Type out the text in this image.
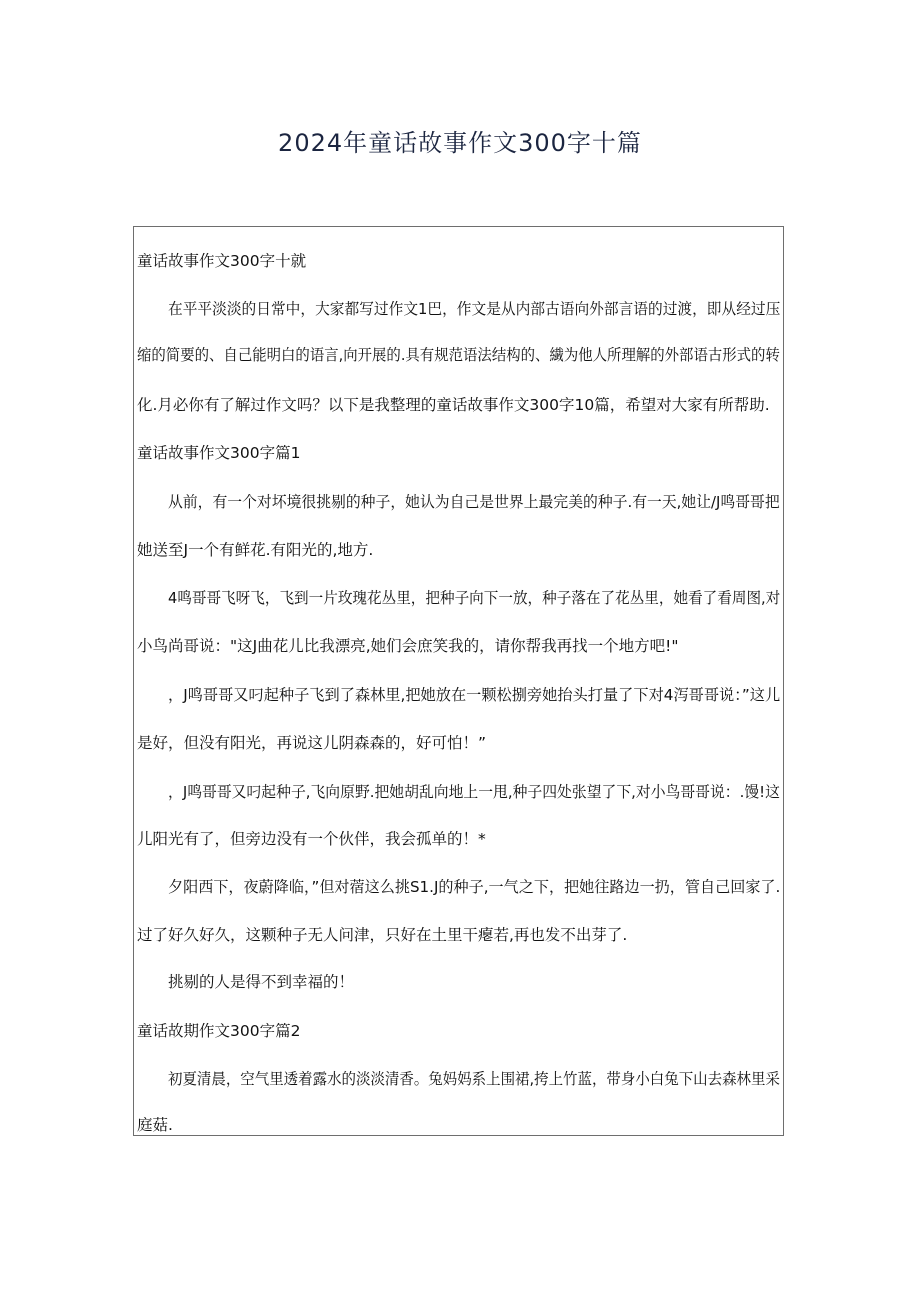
2024年童话故事作文300字十篇
童话故事作文300字十就
在平平淡淡的日常中，大家都写过作文1巴，作文是从内部古语向外部言语的过渡，即从经过压
缩的简要的、自己能明白的语言,向开展的.具有规范语法结构的、繊为他人所理解的外部语古形式的转
化.月必你有了解过作文吗？以下是我整理的童话故事作文300字10篇，希望对大家有所帮助.
童话故事作文300字篇1
从前，有一个对坏境很挑剔的种子，她认为自己是世界上最完美的种子.有一天,她让/J鸣哥哥把
她送至J一个有鲜花.有阳光的,地方.
4鸣哥哥飞呀飞，飞到一片玫瑰花丛里，把种子向下一放，种子落在了花丛里，她看了看周图,对
小鸟尚哥说："这J曲花儿比我漂亮,她们会庶笑我的，请你帮我再找一个地方吧!"
，J鸣哥哥又叼起种子飞到了森林里,把她放在一颗松捌旁她抬头打量了下对4泻哥哥说：”这儿
是好，但没有阳光，再说这儿阴森森的，好可怕！”
，J鸣哥哥又叼起种子,飞向原野.把她胡乱向地上一甩,种子四处张望了下,对小鸟哥哥说：.馒!这
儿阳光有了，但旁边没有一个伙伴，我会孤单的！*
夕阳西下，夜蔚降临，”但对蓿这么挑S1.J的种子,一气之下，把她往路边一扔，管自己回家了.
过了好久好久，这颗种子无人问津，只好在土里干瘪若,再也发不出芽了.
挑剔的人是得不到幸福的！
童话故期作文300字篇2
初夏清晨，空气里透着露水的淡淡清香。兔妈妈系上围裙,挎上竹蓝，带身小白兔下山去森林里采
庭菇.
